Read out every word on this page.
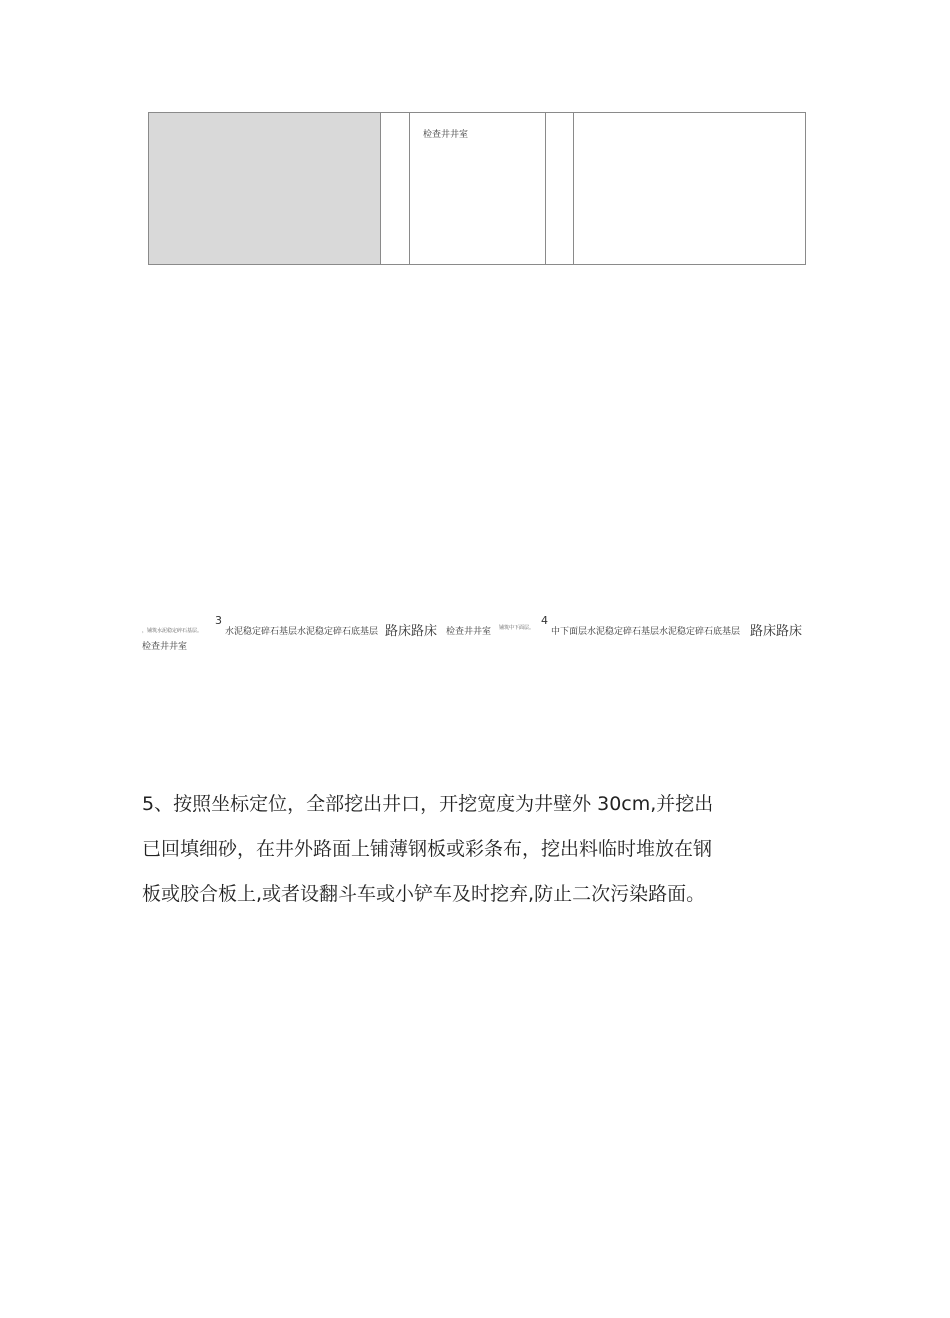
检查井井室
，铺筑水泥稳定碎石基层。
3
水泥稳定碎石基层水泥稳定碎石底基层 路床路床 检查井井室 铺筑中下面层。
4
中下面层水泥稳定碎石基层水泥稳定碎石底基层 路床路床
检查井井室
5、按照坐标定位，全部挖出井口，开挖宽度为井壁外 30cm,并挖出
已回填细砂，在井外路面上铺薄钢板或彩条布，挖出料临时堆放在钢
板或胶合板上,或者设翻斗车或小铲车及时挖弃,防止二次污染路面。
